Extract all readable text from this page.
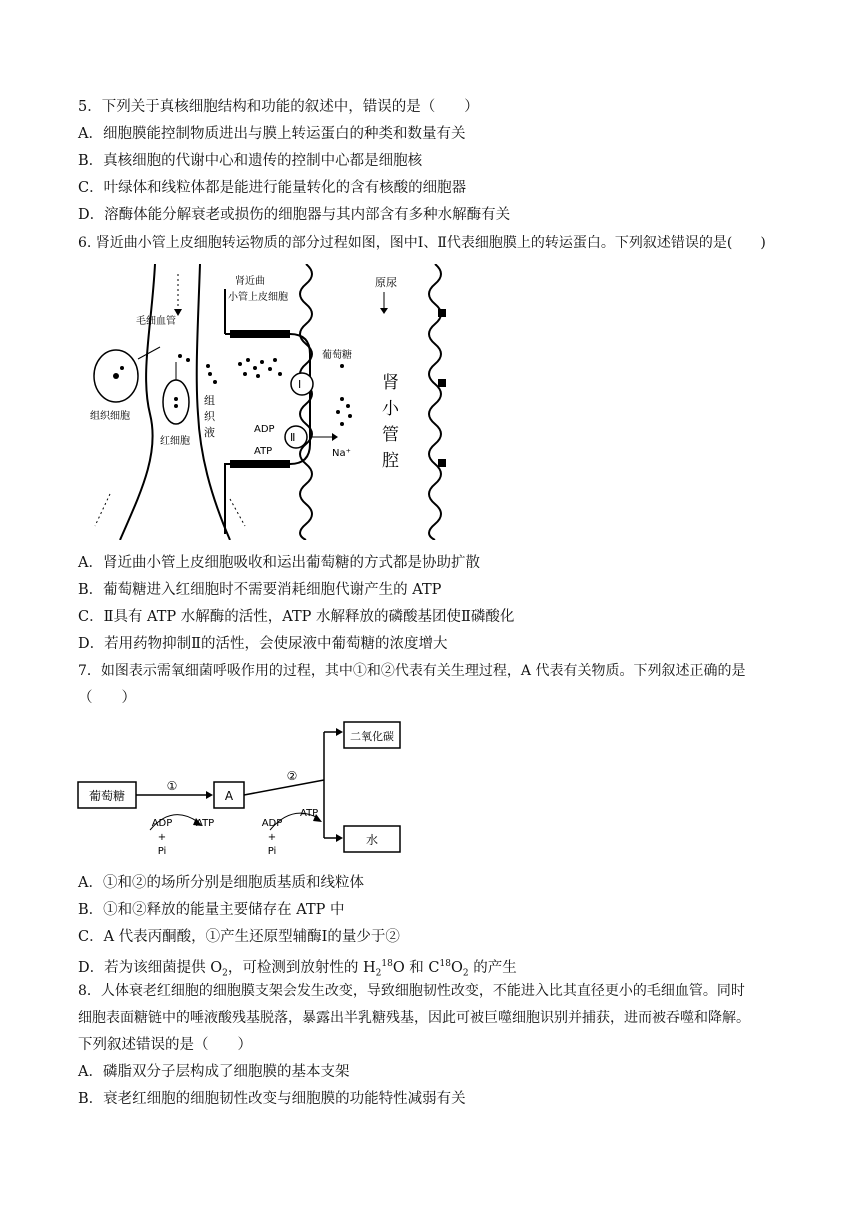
5．下列关于真核细胞结构和功能的叙述中，错误的是（　　）
A．细胞膜能控制物质进出与膜上转运蛋白的种类和数量有关
B．真核细胞的代谢中心和遗传的控制中心都是细胞核
C．叶绿体和线粒体都是能进行能量转化的含有核酸的细胞器
D．溶酶体能分解衰老或损伤的细胞器与其内部含有多种水解酶有关
6. 肾近曲小管上皮细胞转运物质的部分过程如图，图中Ⅰ、Ⅱ代表细胞膜上的转运蛋白。下列叙述错误的是(　　)
毛细血管
肾近曲
小管上皮细胞
原尿
葡萄糖
肾
小
管
腔
组
织
液
组织细胞
红细胞
ADP
ATP	Na⁺
Ⅰ
Ⅱ
A．肾近曲小管上皮细胞吸收和运出葡萄糖的方式都是协助扩散
B．葡萄糖进入红细胞时不需要消耗细胞代谢产生的 ATP
C．Ⅱ具有 ATP 水解酶的活性，ATP 水解释放的磷酸基团使Ⅱ磷酸化
D．若用药物抑制Ⅱ的活性，会使尿液中葡萄糖的浓度增大
7．如图表示需氧细菌呼吸作用的过程，其中①和②代表有关生理过程，A 代表有关物质。下列叙述正确的是
（　　）
葡萄糖
①
ADP
+
Pi
ATP
A
②
二氧化碳
水
ADP
+
Pi
ATP
A．①和②的场所分别是细胞质基质和线粒体
B．①和②释放的能量主要储存在 ATP 中
C．A 代表丙酮酸，①产生还原型辅酶Ⅰ的量少于②
D．若为该细菌提供 $O_2$，可检测到放射性的 $H_2^{18}O$ 和 $C^{18}O_2$ 的产生
8．人体衰老红细胞的细胞膜支架会发生改变，导致细胞韧性改变，不能进入比其直径更小的毛细血管。同时
细胞表面糖链中的唾液酸残基脱落，暴露出半乳糖残基，因此可被巨噬细胞识别并捕获，进而被吞噬和降解。
下列叙述错误的是（　　）
A．磷脂双分子层构成了细胞膜的基本支架
B．衰老红细胞的细胞韧性改变与细胞膜的功能特性减弱有关
